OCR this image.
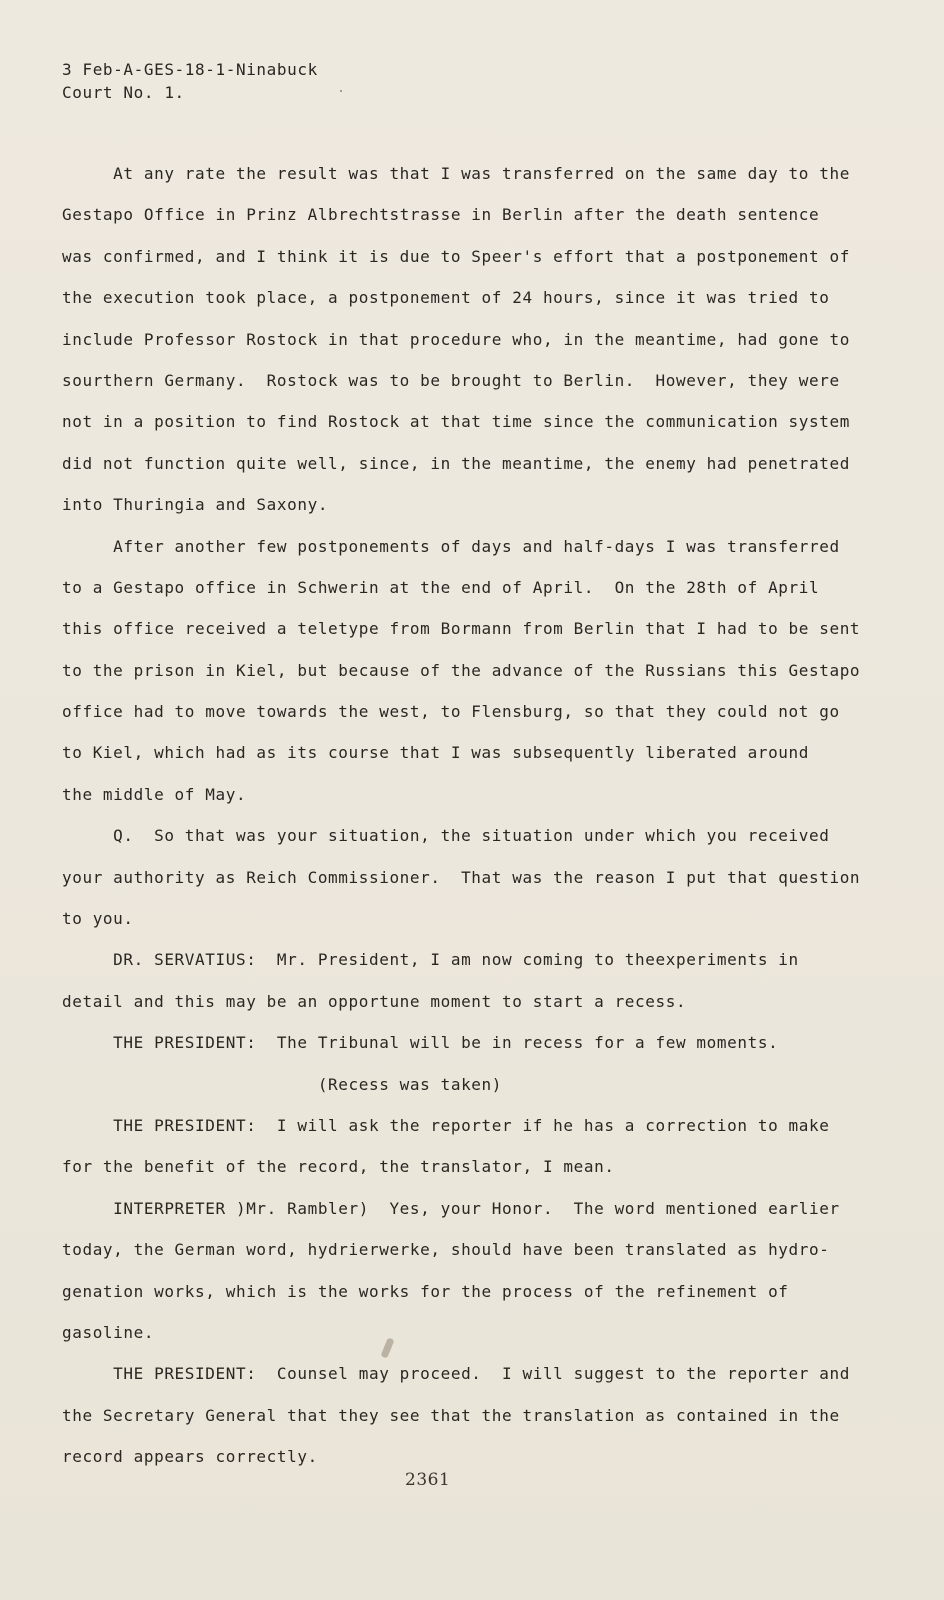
3 Feb-A-GES-18-1-Ninabuck
Court No. 1.
At any rate the result was that I was transferred on the same day to the
Gestapo Office in Prinz Albrechtstrasse in Berlin after the death sentence
was confirmed, and I think it is due to Speer's effort that a postponement of
the execution took place, a postponement of 24 hours, since it was tried to
include Professor Rostock in that procedure who, in the meantime, had gone to
sourthern Germany.  Rostock was to be brought to Berlin.  However, they were
not in a position to find Rostock at that time since the communication system
did not function quite well, since, in the meantime, the enemy had penetrated
into Thuringia and Saxony.
After another few postponements of days and half-days I was transferred
to a Gestapo office in Schwerin at the end of April.  On the 28th of April
this office received a teletype from Bormann from Berlin that I had to be sent
to the prison in Kiel, but because of the advance of the Russians this Gestapo
office had to move towards the west, to Flensburg, so that they could not go
to Kiel, which had as its course that I was subsequently liberated around
the middle of May.
Q.  So that was your situation, the situation under which you received
your authority as Reich Commissioner.  That was the reason I put that question
to you.
DR. SERVATIUS:  Mr. President, I am now coming to theexperiments in
detail and this may be an opportune moment to start a recess.
THE PRESIDENT:  The Tribunal will be in recess for a few moments.
(Recess was taken)
THE PRESIDENT:  I will ask the reporter if he has a correction to make
for the benefit of the record, the translator, I mean.
INTERPRETER )Mr. Rambler)  Yes, your Honor.  The word mentioned earlier
today, the German word, hydrierwerke, should have been translated as hydro-
genation works, which is the works for the process of the refinement of
gasoline.
THE PRESIDENT:  Counsel may proceed.  I will suggest to the reporter and
the Secretary General that they see that the translation as contained in the
record appears correctly.
2361
